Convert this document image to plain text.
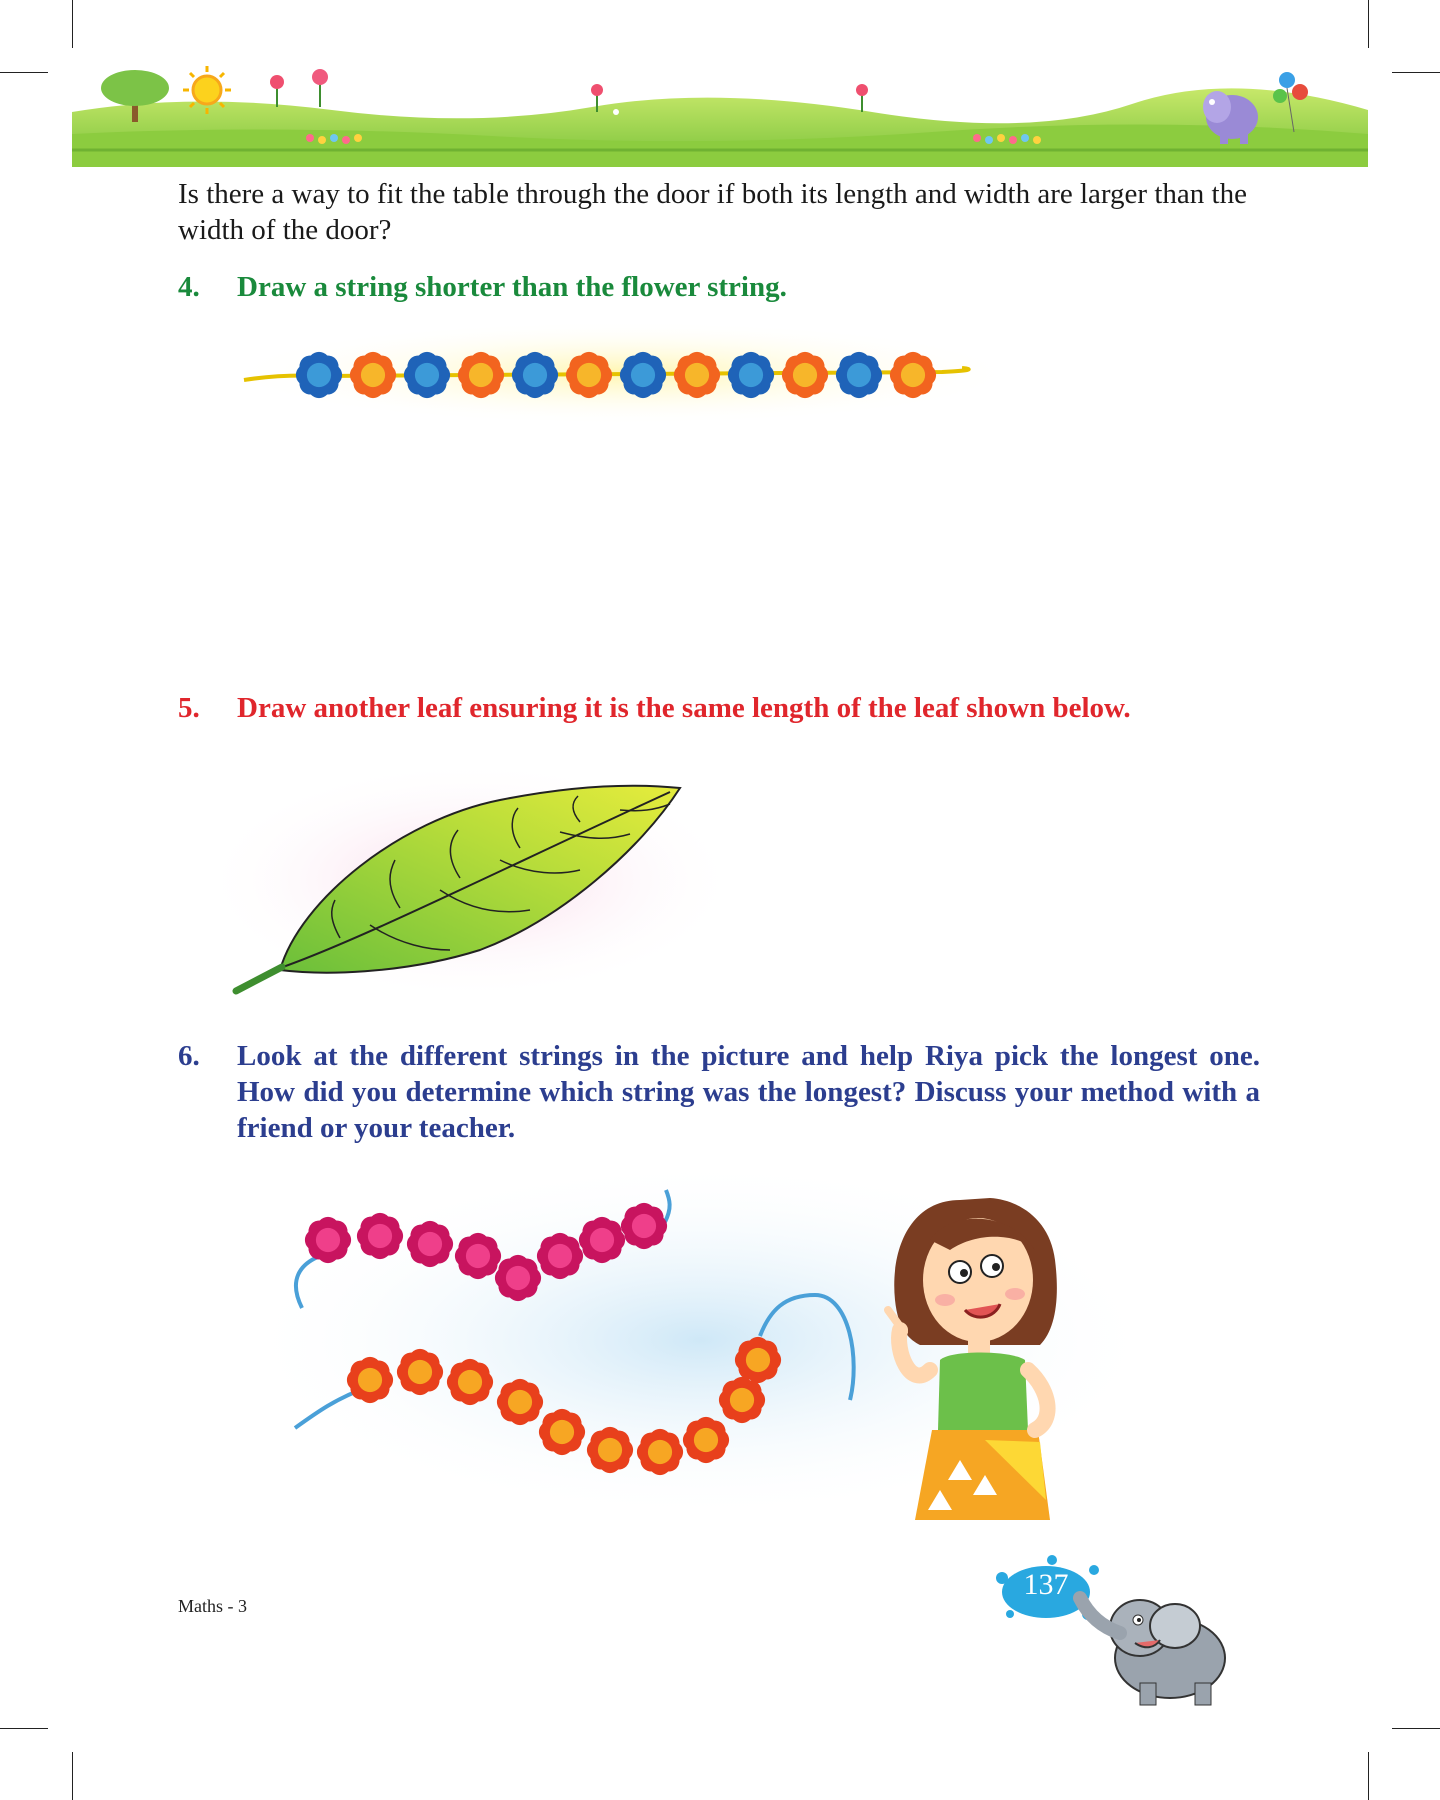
Is there a way to fit the table through the door if both its length and width are larger than the width of the door?
4.	Draw a string shorter than the flower string.
5.	Draw another leaf ensuring it is the same length of the leaf shown below.
6.	Look at the different strings in the picture and help Riya pick the longest one. How did you determine which string was the longest? Discuss your method with a friend or your teacher.
Maths - 3
137
